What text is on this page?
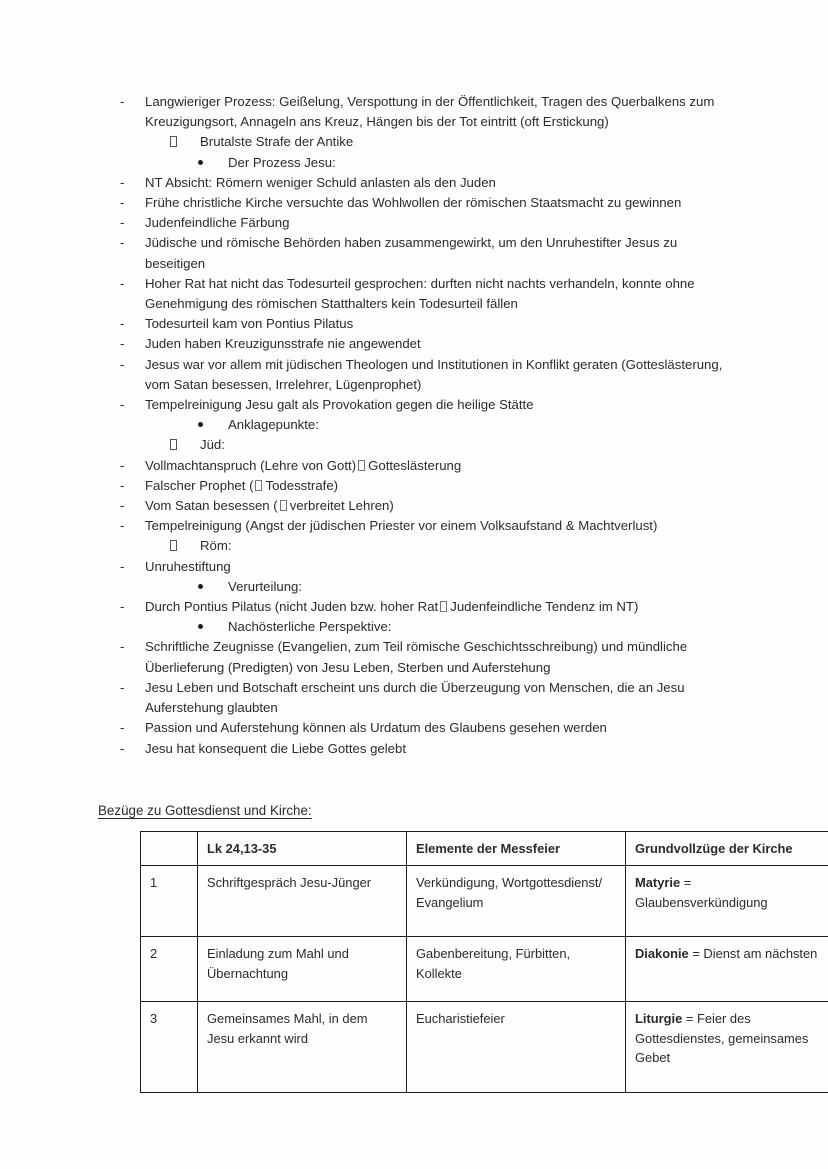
-	Langwieriger Prozess: Geißelung, Verspottung in der Öffentlichkeit, Tragen des Querbalkens zum Kreuzigungsort, Annageln ans Kreuz, Hängen bis der Tot eintritt (oft Erstickung)
Brutalste Strafe der Antike
Der Prozess Jesu:
-	NT Absicht: Römern weniger Schuld anlasten als den Juden
-	Frühe christliche Kirche versuchte das Wohlwollen der römischen Staatsmacht zu gewinnen
-	Judenfeindliche Färbung
-	Jüdische und römische Behörden haben zusammengewirkt, um den Unruhestifter Jesus zu beseitigen
-	Hoher Rat hat nicht das Todesurteil gesprochen: durften nicht nachts verhandeln, konnte ohne Genehmigung des römischen Statthalters kein Todesurteil fällen
-	Todesurteil kam von Pontius Pilatus
-	Juden haben Kreuzigunsstrafe nie angewendet
-	Jesus war vor allem mit jüdischen Theologen und Institutionen in Konflikt geraten (Gotteslästerung, vom Satan besessen, Irrelehrer, Lügenprophet)
-	Tempelreinigung Jesu galt als Provokation gegen die heilige Stätte
Anklagepunkte:
Jüd:
-	Vollmachtanspruch (Lehre von Gott) Gotteslästerung
-	Falscher Prophet ( Todesstrafe)
-	Vom Satan besessen ( verbreitet Lehren)
-	Tempelreinigung (Angst der jüdischen Priester vor einem Volksaufstand & Machtverlust)
Röm:
-	Unruhestiftung
Verurteilung:
-	Durch Pontius Pilatus (nicht Juden bzw. hoher Rat Judenfeindliche Tendenz im NT)
Nachösterliche Perspektive:
-	Schriftliche Zeugnisse (Evangelien, zum Teil römische Geschichtsschreibung) und mündliche Überlieferung (Predigten) von Jesu Leben, Sterben und Auferstehung
-	Jesu Leben und Botschaft erscheint uns durch die Überzeugung von Menschen, die an Jesu Auferstehung glaubten
-	Passion und Auferstehung können als Urdatum des Glaubens gesehen werden
-	Jesu hat konsequent die Liebe Gottes gelebt
Bezüge zu Gottesdienst und Kirche:
	Lk 24,13-35	Elemente der Messfeier	Grundvollzüge der Kirche
1	Schriftgespräch Jesu-Jünger	Verkündigung, Wortgottesdienst/ Evangelium	Matyrie = Glaubensverkündigung
2	Einladung zum Mahl und Übernachtung	Gabenbereitung, Fürbitten, Kollekte	Diakonie = Dienst am nächsten
3	Gemeinsames Mahl, in dem Jesu erkannt wird	Eucharistiefeier	Liturgie = Feier des Gottesdienstes, gemeinsames Gebet
